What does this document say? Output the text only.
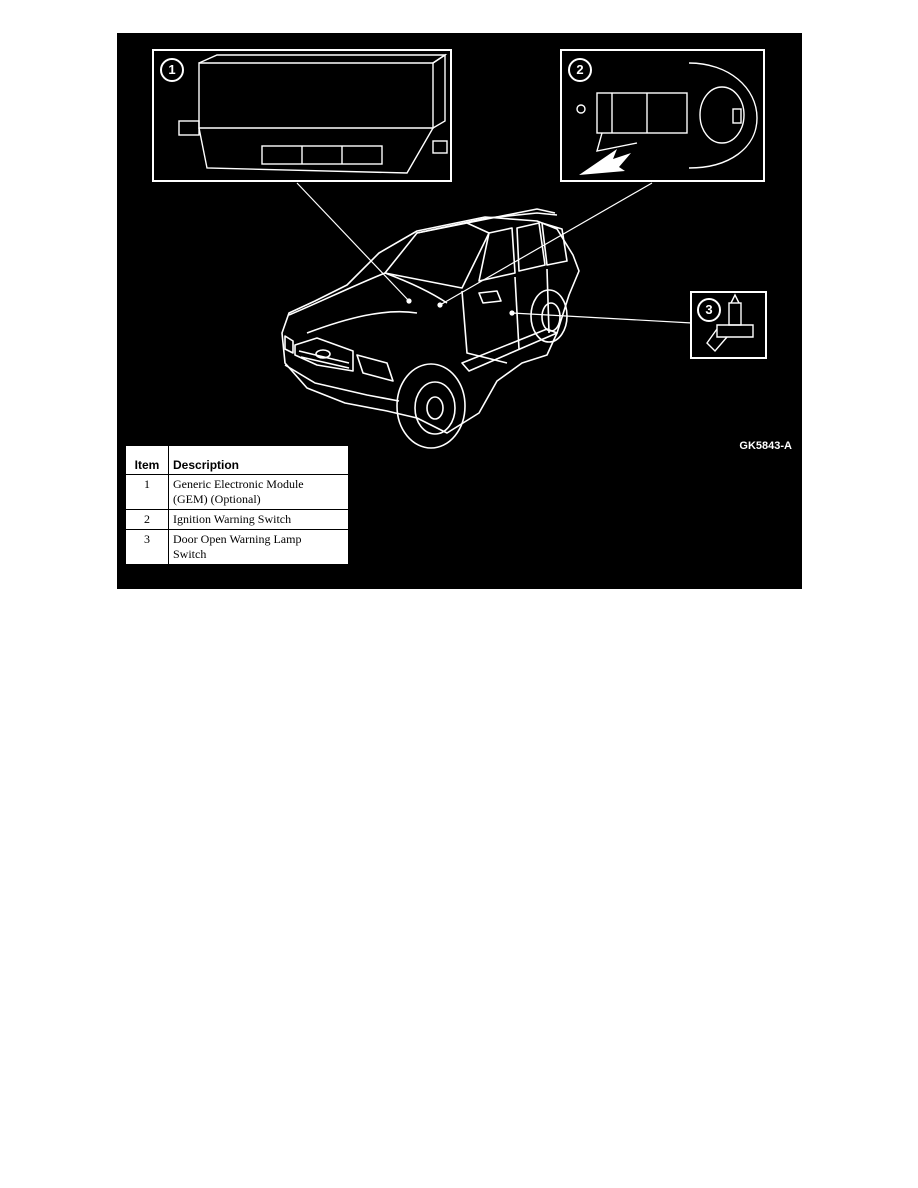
1	2
3
GK5843-A
Item	Description
1	Generic Electronic Module
(GEM) (Optional)

2	Ignition Warning Switch

3	Door Open Warning Lamp
Switch
